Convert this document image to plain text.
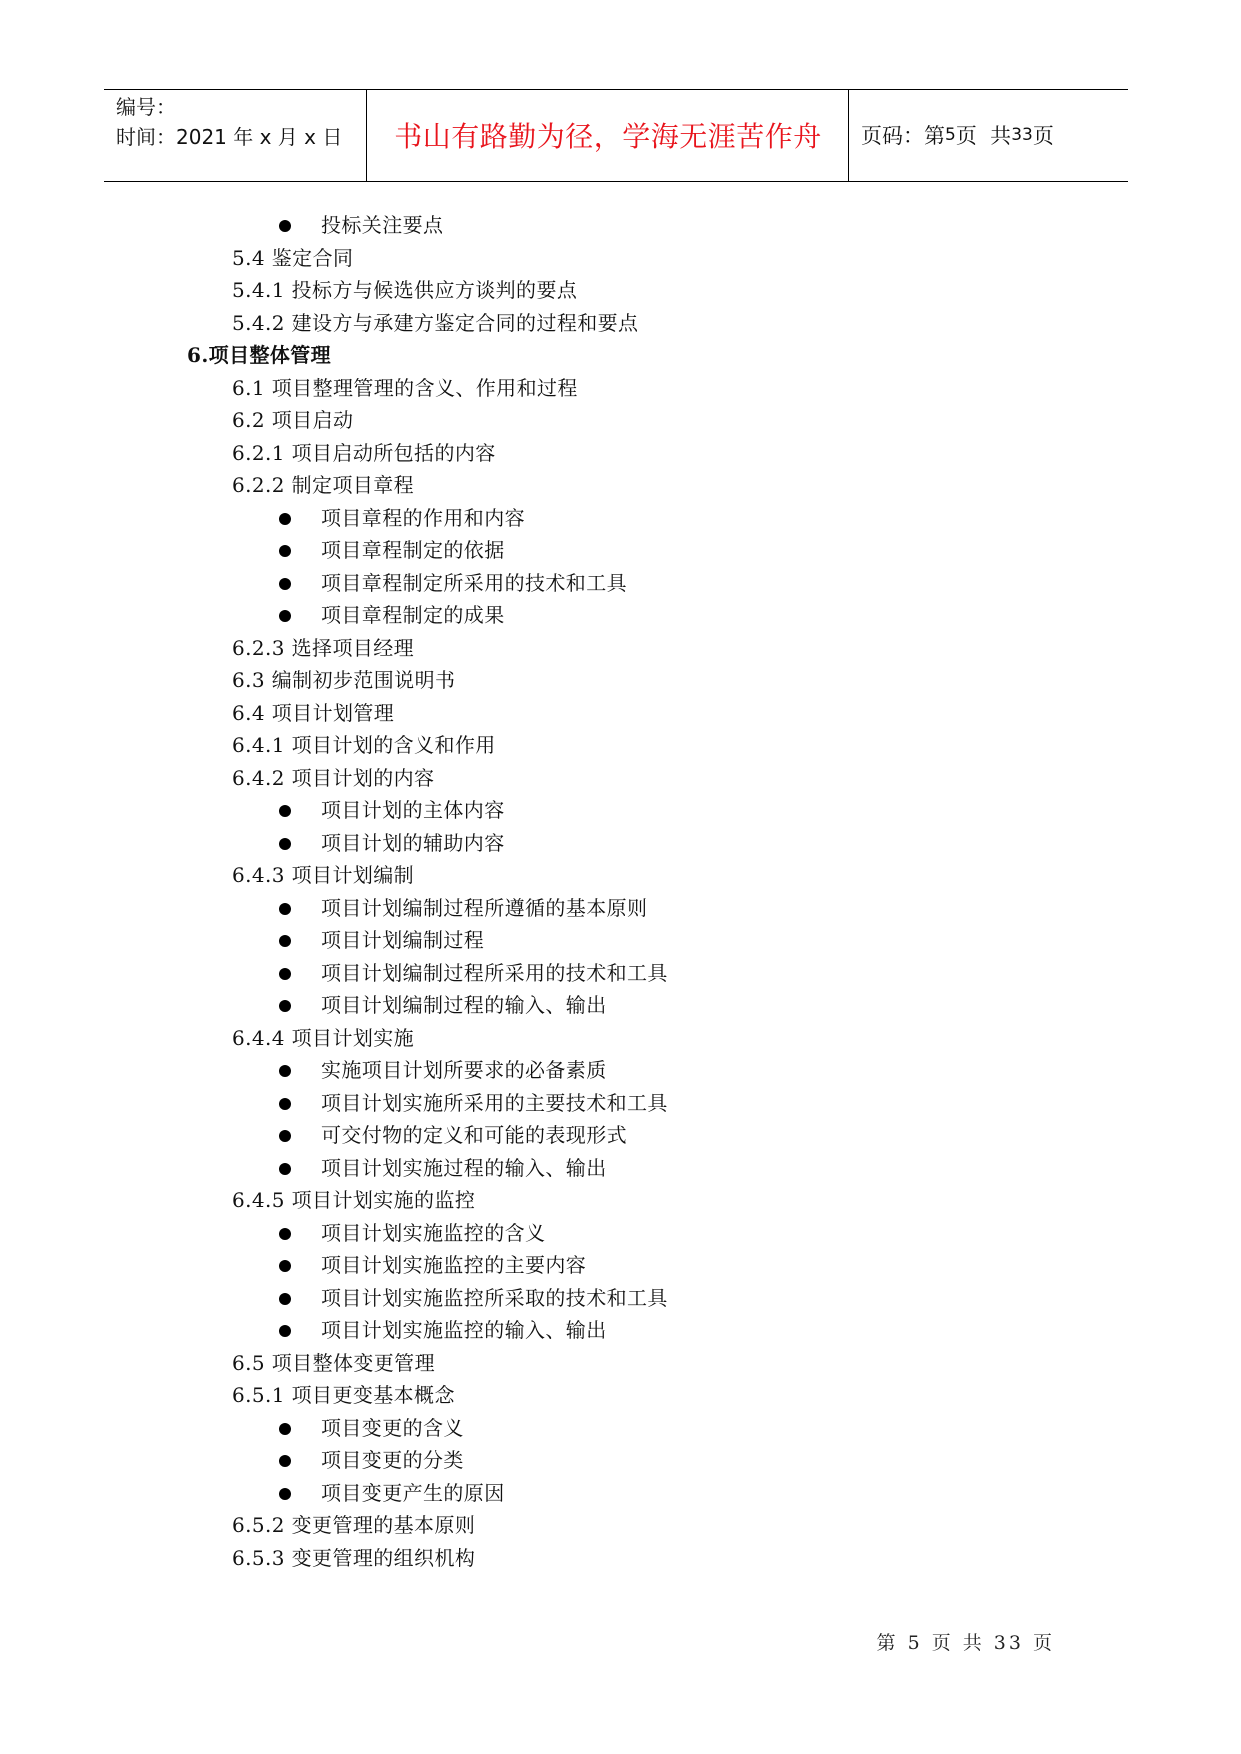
编号：
时间：2021 年 x 月 x 日	书山有路勤为径，学海无涯苦作舟	页码：第 5 页  共 33 页
投标关注要点
5.4 鉴定合同
5.4.1 投标方与候选供应方谈判的要点
5.4.2 建设方与承建方鉴定合同的过程和要点
6.项目整体管理
6.1 项目整理管理的含义、作用和过程
6.2 项目启动
6.2.1 项目启动所包括的内容
6.2.2 制定项目章程
项目章程的作用和内容
项目章程制定的依据
项目章程制定所采用的技术和工具
项目章程制定的成果
6.2.3 选择项目经理
6.3 编制初步范围说明书
6.4 项目计划管理
6.4.1 项目计划的含义和作用
6.4.2 项目计划的内容
项目计划的主体内容
项目计划的辅助内容
6.4.3 项目计划编制
项目计划编制过程所遵循的基本原则
项目计划编制过程
项目计划编制过程所采用的技术和工具
项目计划编制过程的输入、输出
6.4.4 项目计划实施
实施项目计划所要求的必备素质
项目计划实施所采用的主要技术和工具
可交付物的定义和可能的表现形式
项目计划实施过程的输入、输出
6.4.5 项目计划实施的监控
项目计划实施监控的含义
项目计划实施监控的主要内容
项目计划实施监控所采取的技术和工具
项目计划实施监控的输入、输出
6.5 项目整体变更管理
6.5.1 项目更变基本概念
项目变更的含义
项目变更的分类
项目变更产生的原因
6.5.2 变更管理的基本原则
6.5.3 变更管理的组织机构
第 5 页 共 33 页
